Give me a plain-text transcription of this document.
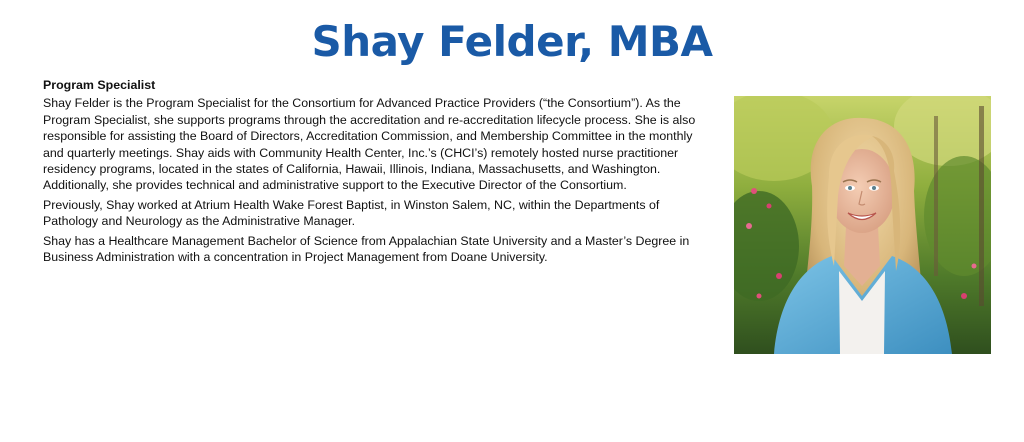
Shay Felder, MBA
Program Specialist

Shay Felder is the Program Specialist for the Consortium for Advanced Practice Providers (“the Consortium”). As the Program Specialist, she supports programs through the accreditation and re-accreditation lifecycle process. She is also responsible for assisting the Board of Directors, Accreditation Commission, and Membership Committee in the monthly and quarterly meetings. Shay aids with Community Health Center, Inc.’s (CHCI’s) remotely hosted nurse practitioner residency programs, located in the states of California, Hawaii, Illinois, Indiana, Massachusetts, and Washington. Additionally, she provides technical and administrative support to the Executive Director of the Consortium.

Previously, Shay worked at Atrium Health Wake Forest Baptist, in Winston Salem, NC, within the Departments of Pathology and Neurology as the Administrative Manager.

Shay has a Healthcare Management Bachelor of Science from Appalachian State University and a Master’s Degree in Business Administration with a concentration in Project Management from Doane University.
